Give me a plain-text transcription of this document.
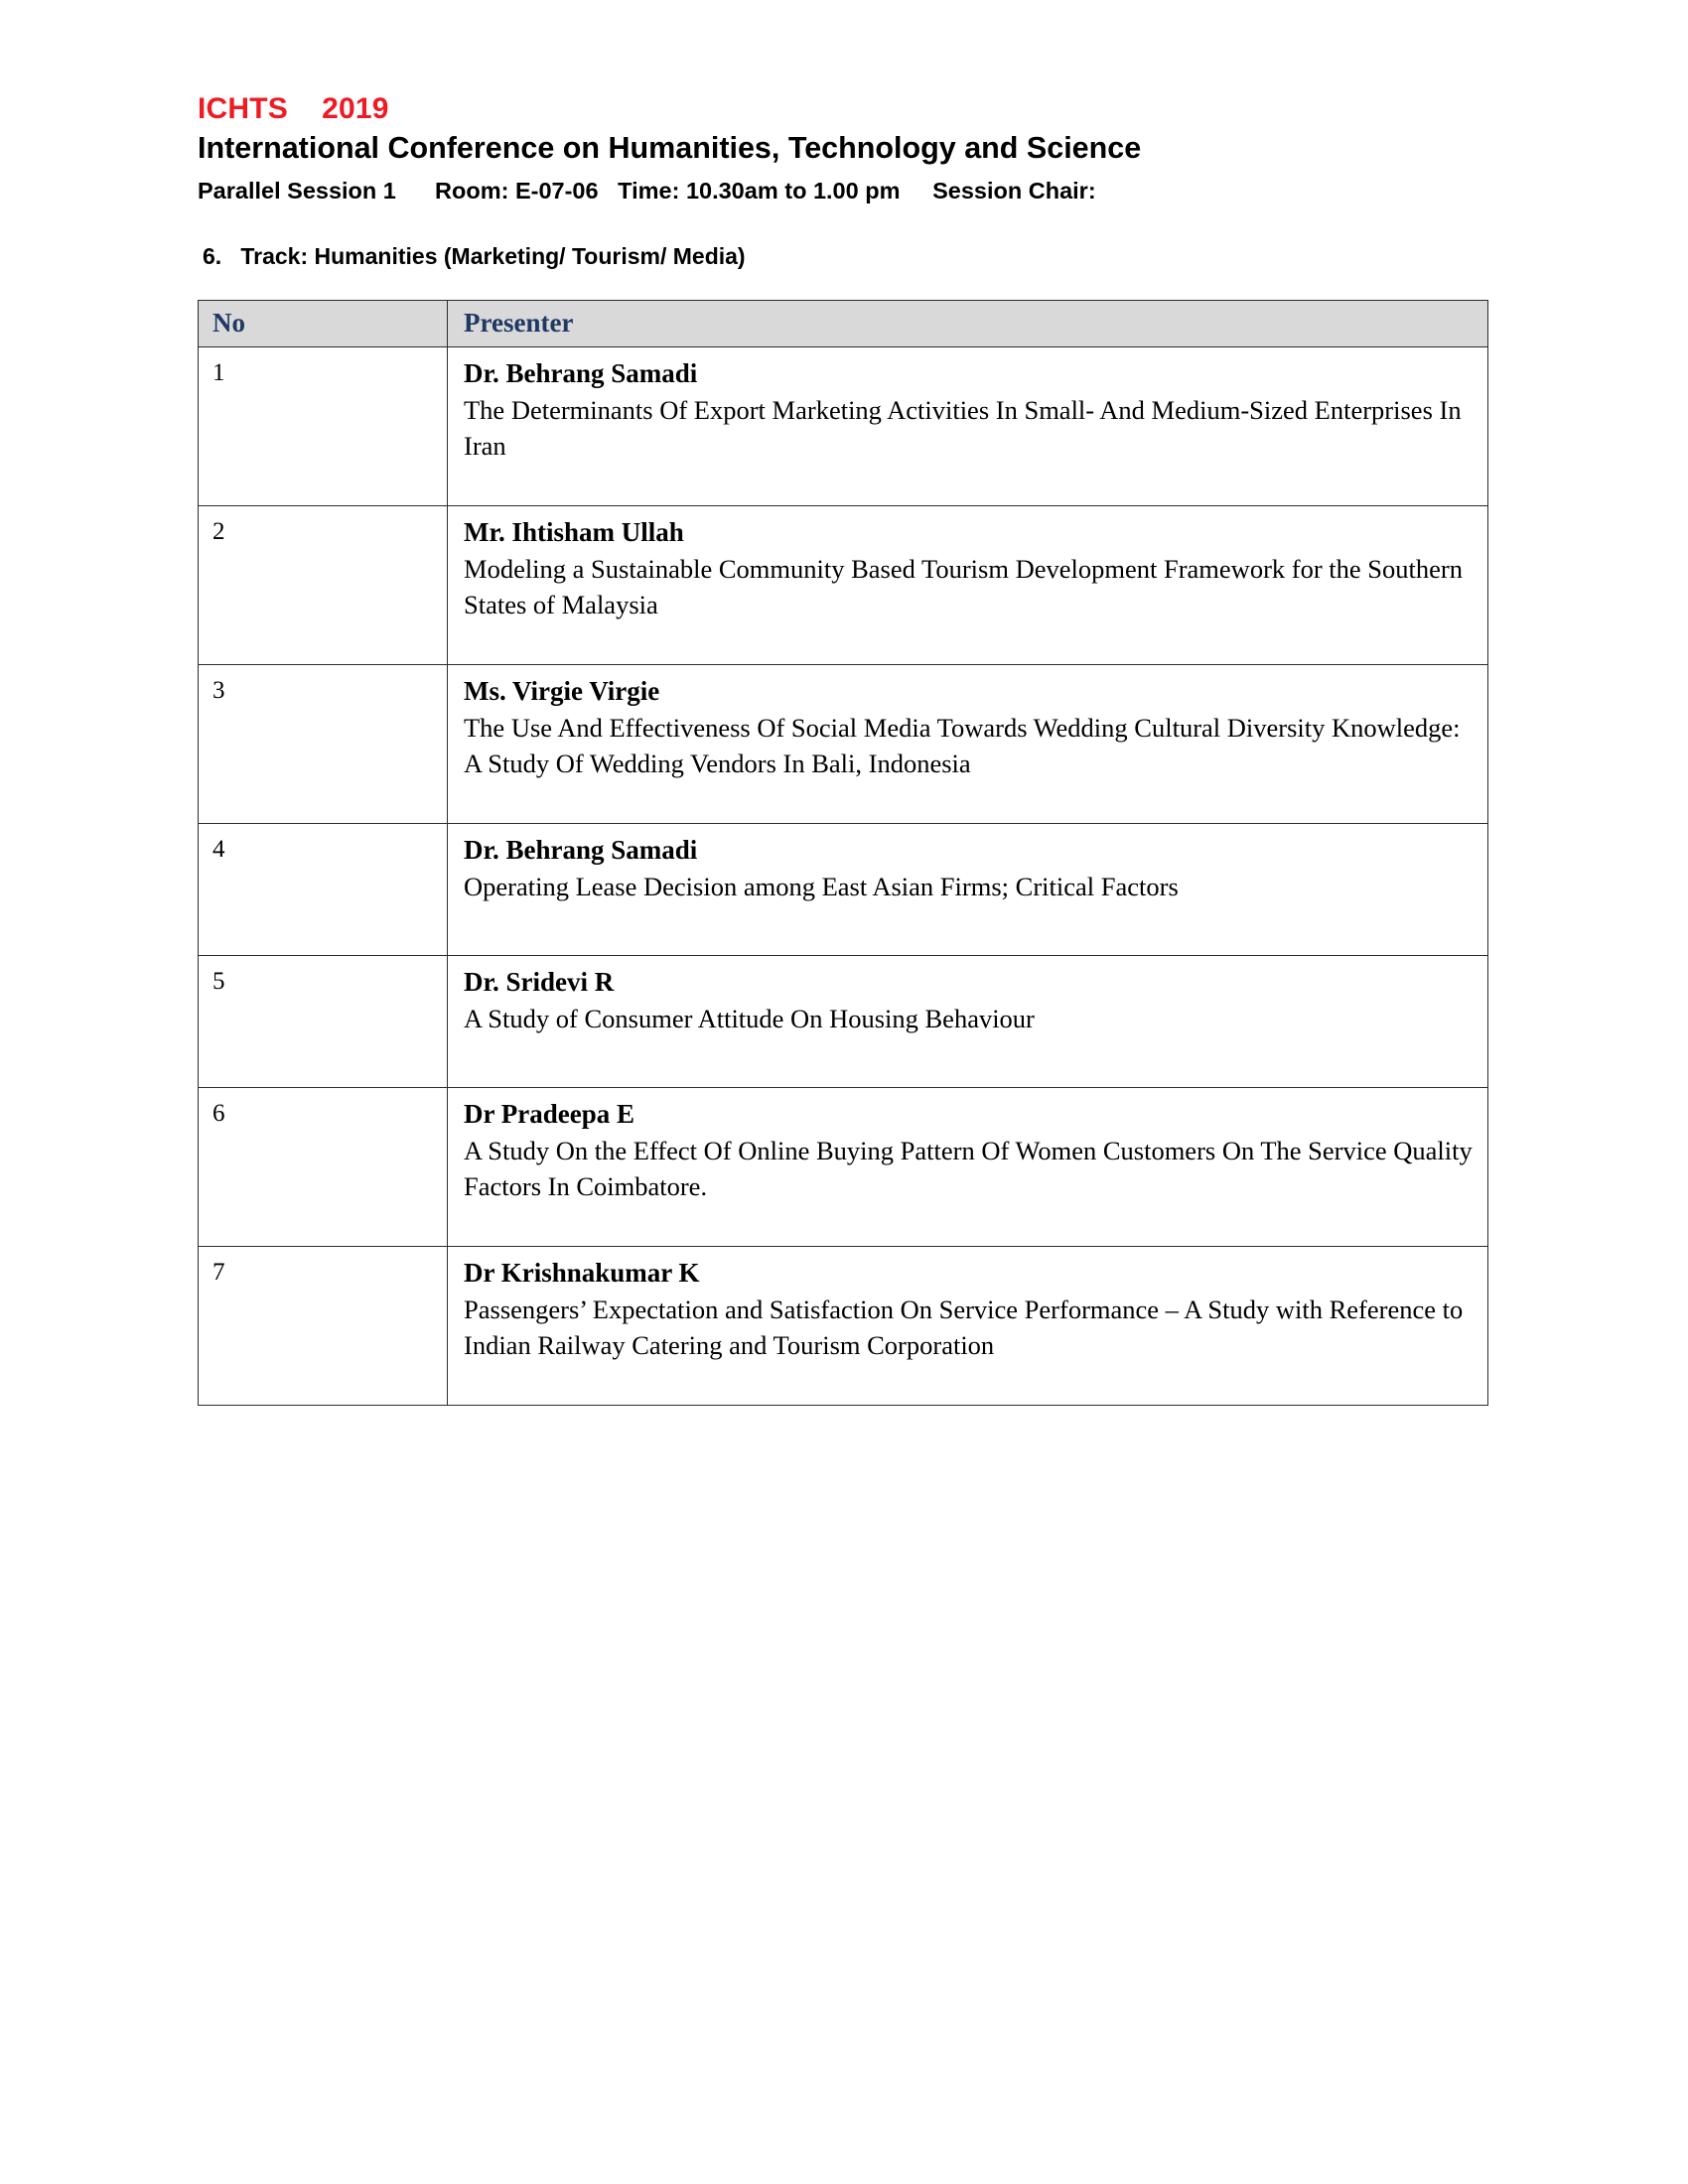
ICHTS    2019
International Conference on Humanities, Technology and Science
Parallel Session 1      Room: E-07-06   Time: 10.30am to 1.00 pm     Session Chair:
6.   Track: Humanities (Marketing/ Tourism/ Media)
No	Presenter

1	Dr. Behrang Samadi
The Determinants Of Export Marketing Activities In Small- And Medium-Sized Enterprises In Iran

2	Mr. Ihtisham Ullah
Modeling a Sustainable Community Based Tourism Development Framework for the Southern States of Malaysia

3	Ms. Virgie Virgie
The Use And Effectiveness Of Social Media Towards Wedding Cultural Diversity Knowledge: A Study Of Wedding Vendors In Bali, Indonesia

4	Dr. Behrang Samadi
Operating Lease Decision among East Asian Firms; Critical Factors

5	Dr. Sridevi R
A Study of Consumer Attitude On Housing Behaviour

6	Dr Pradeepa E
A Study On the Effect Of Online Buying Pattern Of Women Customers On The Service Quality Factors In Coimbatore.

7	Dr Krishnakumar K
Passengers’ Expectation and Satisfaction On Service Performance – A Study with Reference to Indian Railway Catering and Tourism Corporation
